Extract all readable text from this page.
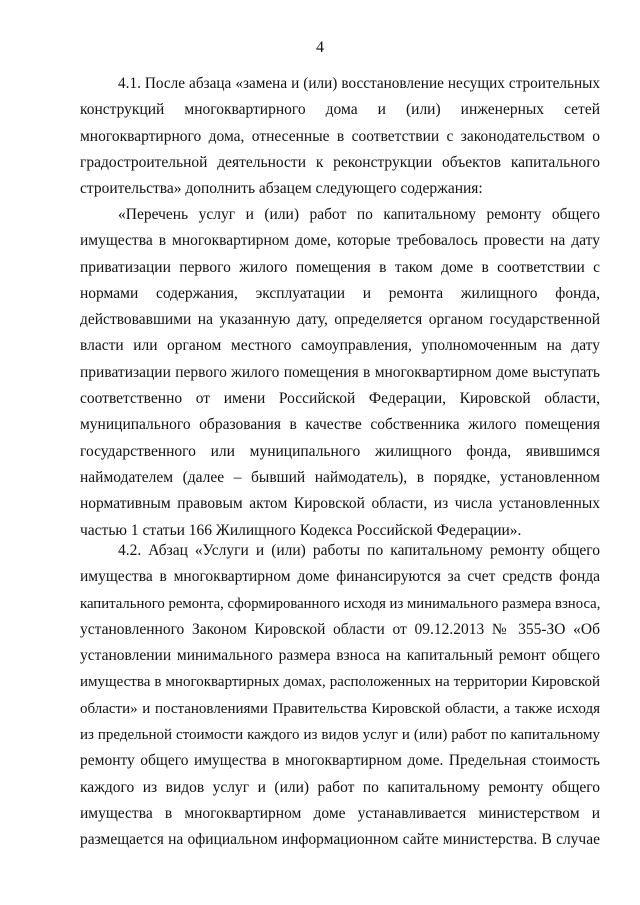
4
4.1. После абзаца «замена и (или) восстановление несущих строительных
конструкций многоквартирного дома и (или) инженерных сетей
многоквартирного дома, отнесенные в соответствии с законодательством о
градостроительной деятельности к реконструкции объектов капитального
строительства» дополнить абзацем следующего содержания:
«Перечень услуг и (или) работ по капитальному ремонту общего
имущества в многоквартирном доме, которые требовалось провести на дату
приватизации первого жилого помещения в таком доме в соответствии с
нормами содержания, эксплуатации и ремонта жилищного фонда,
действовавшими на указанную дату, определяется органом государственной
власти или органом местного самоуправления, уполномоченным на дату
приватизации первого жилого помещения в многоквартирном доме выступать
соответственно от имени Российской Федерации, Кировской области,
муниципального образования в качестве собственника жилого помещения
государственного или муниципального жилищного фонда, явившимся
наймодателем (далее – бывший наймодатель), в порядке, установленном
нормативным правовым актом Кировской области, из числа установленных
частью 1 статьи 166 Жилищного Кодекса Российской Федерации».
4.2. Абзац «Услуги и (или) работы по капитальному ремонту общего
имущества в многоквартирном доме финансируются за счет средств фонда
капитального ремонта, сформированного исходя из минимального размера взноса,
установленного Законом Кировской области от 09.12.2013 № 355-ЗО «Об
установлении минимального размера взноса на капитальный ремонт общего
имущества в многоквартирных домах, расположенных на территории Кировской
области» и постановлениями Правительства Кировской области, а также исходя
из предельной стоимости каждого из видов услуг и (или) работ по капитальному
ремонту общего имущества в многоквартирном доме. Предельная стоимость
каждого из видов услуг и (или) работ по капитальному ремонту общего
имущества в многоквартирном доме устанавливается министерством и
размещается на официальном информационном сайте министерства. В случае
